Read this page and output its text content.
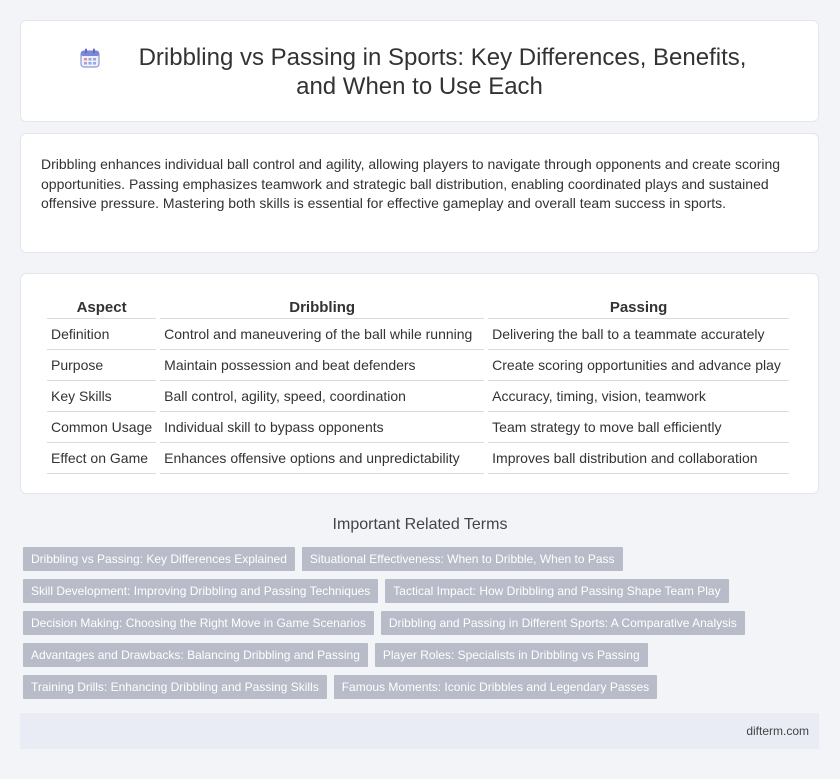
Dribbling vs Passing in Sports: Key Differences, Benefits, and When to Use Each

Dribbling enhances individual ball control and agility, allowing players to navigate through opponents and create scoring opportunities. Passing emphasizes teamwork and strategic ball distribution, enabling coordinated plays and sustained offensive pressure. Mastering both skills is essential for effective gameplay and overall team success in sports.

Aspect	Dribbling	Passing
Definition	Control and maneuvering of the ball while running	Delivering the ball to a teammate accurately
Purpose	Maintain possession and beat defenders	Create scoring opportunities and advance play
Key Skills	Ball control, agility, speed, coordination	Accuracy, timing, vision, teamwork
Common Usage	Individual skill to bypass opponents	Team strategy to move ball efficiently
Effect on Game	Enhances offensive options and unpredictability	Improves ball distribution and collaboration
Important Related Terms
Dribbling vs Passing: Key Differences Explained	Situational Effectiveness: When to Dribble, When to Pass
Skill Development: Improving Dribbling and Passing Techniques	Tactical Impact: How Dribbling and Passing Shape Team Play
Decision Making: Choosing the Right Move in Game Scenarios	Dribbling and Passing in Different Sports: A Comparative Analysis
Advantages and Drawbacks: Balancing Dribbling and Passing	Player Roles: Specialists in Dribbling vs Passing
Training Drills: Enhancing Dribbling and Passing Skills	Famous Moments: Iconic Dribbles and Legendary Passes
difterm.com
